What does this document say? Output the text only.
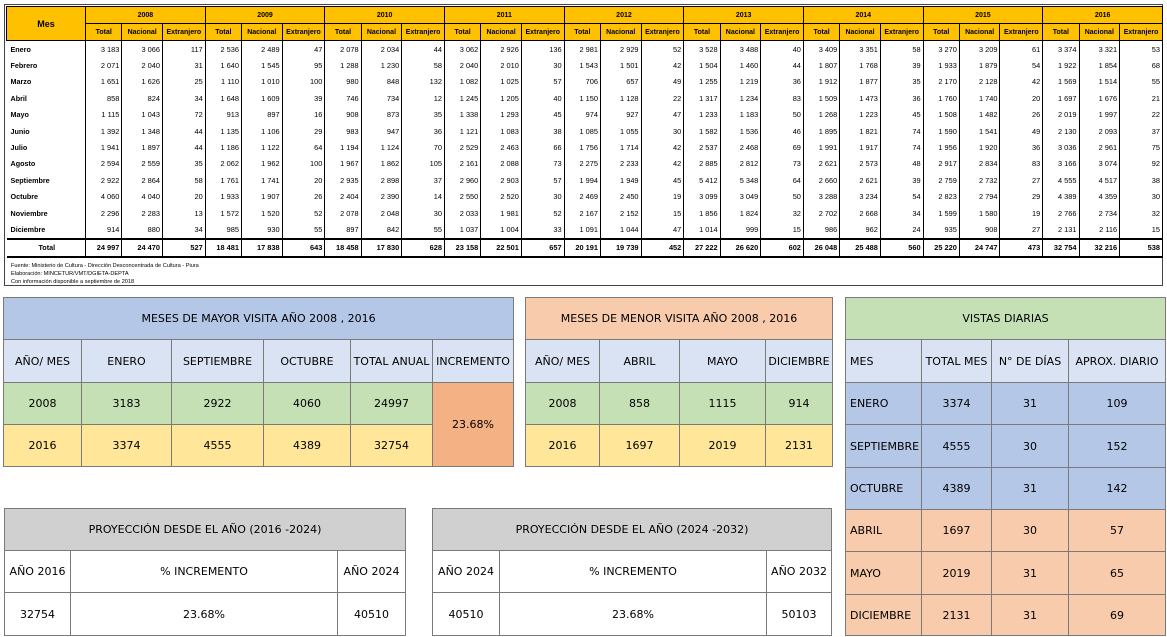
Mes	2008			2009			2010			2011			2012			2013			2014			2015			2016		
	Total	Nacional	Extranjero	Total	Nacional	Extranjero	Total	Nacional	Extranjero	Total	Nacional	Extranjero	Total	Nacional	Extranjero	Total	Nacional	Extranjero	Total	Nacional	Extranjero	Total	Nacional	Extranjero	Total	Nacional	Extranjero
Enero	3 183	3 066	117	2 536	2 489	47	2 078	2 034	44	3 062	2 926	136	2 981	2 929	52	3 528	3 488	40	3 409	3 351	58	3 270	3 209	61	3 374	3 321	53
Febrero	2 071	2 040	31	1 640	1 545	95	1 288	1 230	58	2 040	2 010	30	1 543	1 501	42	1 504	1 460	44	1 807	1 768	39	1 933	1 879	54	1 922	1 854	68
Marzo	1 651	1 626	25	1 110	1 010	100	980	848	132	1 082	1 025	57	706	657	49	1 255	1 219	36	1 912	1 877	35	2 170	2 128	42	1 569	1 514	55
Abril	858	824	34	1 648	1 609	39	746	734	12	1 245	1 205	40	1 150	1 128	22	1 317	1 234	83	1 509	1 473	36	1 760	1 740	20	1 697	1 676	21
Mayo	1 115	1 043	72	913	897	16	908	873	35	1 338	1 293	45	974	927	47	1 233	1 183	50	1 268	1 223	45	1 508	1 482	26	2 019	1 997	22
Junio	1 392	1 348	44	1 135	1 106	29	983	947	36	1 121	1 083	38	1 085	1 055	30	1 582	1 536	46	1 895	1 821	74	1 590	1 541	49	2 130	2 093	37
Julio	1 941	1 897	44	1 186	1 122	64	1 194	1 124	70	2 529	2 463	66	1 756	1 714	42	2 537	2 468	69	1 991	1 917	74	1 956	1 920	36	3 036	2 961	75
Agosto	2 594	2 559	35	2 062	1 962	100	1 967	1 862	105	2 161	2 088	73	2 275	2 233	42	2 885	2 812	73	2 621	2 573	48	2 917	2 834	83	3 166	3 074	92
Septiembre	2 922	2 864	58	1 761	1 741	20	2 935	2 898	37	2 960	2 903	57	1 994	1 949	45	5 412	5 348	64	2 660	2 621	39	2 759	2 732	27	4 555	4 517	38
Octubre	4 060	4 040	20	1 933	1 907	26	2 404	2 390	14	2 550	2 520	30	2 469	2 450	19	3 099	3 049	50	3 288	3 234	54	2 823	2 794	29	4 389	4 359	30
Noviembre	2 296	2 283	13	1 572	1 520	52	2 078	2 048	30	2 033	1 981	52	2 167	2 152	15	1 856	1 824	32	2 702	2 668	34	1 599	1 580	19	2 766	2 734	32
Diciembre	914	880	34	985	930	55	897	842	55	1 037	1 004	33	1 091	1 044	47	1 014	999	15	986	962	24	935	908	27	2 131	2 116	15
Total	24 997	24 470	527	18 481	17 838	643	18 458	17 830	628	23 158	22 501	657	20 191	19 739	452	27 222	26 620	602	26 048	25 488	560	25 220	24 747	473	32 754	32 216	538
Fuente: Ministerio de Cultura - Dirección Desconcentrada de Cultura - Piura
Elaboración: MINCETUR/VMT/DGIETA-DEPTA
Con información disponible a septiembre de 2018
MESES DE MAYOR VISITA AÑO 2008 , 2016					
AÑO/ MES	ENERO	SEPTIEMBRE	OCTUBRE	TOTAL ANUAL	INCREMENTO
2008	3183	2922	4060	24997	23.68%
2016	3374	4555	4389	32754	
MESES DE MENOR VISITA AÑO 2008 , 2016			
AÑO/ MES	ABRIL	MAYO	DICIEMBRE
2008	858	1115	914
2016	1697	2019	2131
VISTAS DIARIAS			
MES	TOTAL MES	N° DE DÍAS	APROX. DIARIO
ENERO	3374	31	109
SEPTIEMBRE	4555	30	152
OCTUBRE	4389	31	142
ABRIL	1697	30	57
MAYO	2019	31	65
DICIEMBRE	2131	31	69
PROYECCIÓN DESDE EL AÑO (2016 -2024)		
AÑO 2016	% INCREMENTO	AÑO 2024
32754	23.68%	40510
PROYECCIÓN DESDE EL AÑO (2024 -2032)		
AÑO 2024	% INCREMENTO	AÑO 2032
40510	23.68%	50103
